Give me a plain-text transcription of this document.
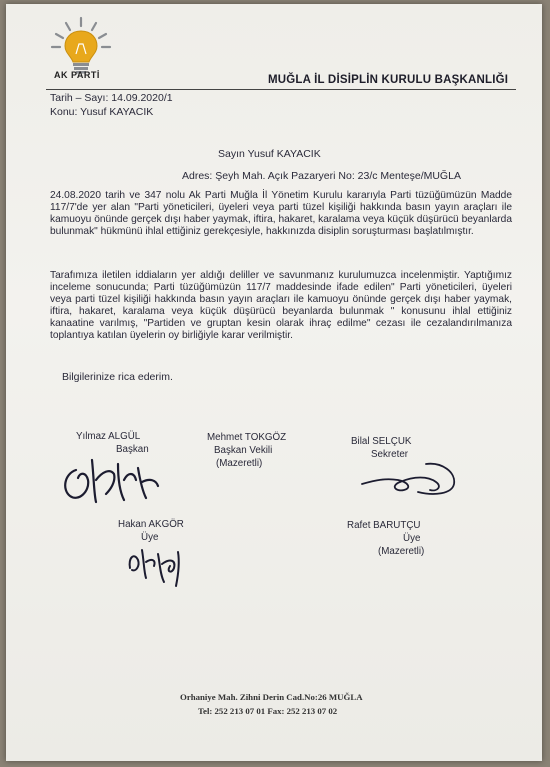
AK PARTİ	MUĞLA İL DİSİPLİN KURULU BAŞKANLIĞI
Tarih – Sayı: 14.09.2020/1
Konu: Yusuf KAYACIK
Sayın Yusuf KAYACIK
Adres: Şeyh Mah. Açık Pazaryeri No: 23/c Menteşe/MUĞLA
24.08.2020 tarih ve 347 nolu Ak Parti Muğla İl Yönetim Kurulu kararıyla Parti tüzüğümüzün Madde 117/7'de yer alan "Parti yöneticileri, üyeleri veya parti tüzel kişiliği hakkında basın yayın araçları ile kamuoyu önünde gerçek dışı haber yaymak, iftira, hakaret, karalama veya küçük düşürücü beyanlarda bulunmak" hükmünü ihlal ettiğiniz gerekçesiyle, hakkınızda disiplin soruşturması başlatılmıştır.
Tarafımıza iletilen iddiaların yer aldığı deliller ve savunmanız kurulumuzca incelenmiştir. Yaptığımız inceleme sonucunda; Parti tüzüğümüzün 117/7 maddesinde ifade edilen" Parti yöneticileri, üyeleri veya parti tüzel kişiliği hakkında basın yayın araçları ile kamuoyu önünde gerçek dışı haber yaymak, iftira, hakaret, karalama veya küçük düşürücü beyanlarda bulunmak " konusunu ihlal ettiğiniz kanaatine varılmış, "Partiden ve gruptan kesin olarak ihraç edilme" cezası ile cezalandırılmanıza toplantıya katılan üyelerin oy birliğiyle karar verilmiştir.
Bilgilerinize rica ederim.
Yılmaz ALGÜL
Başkan
Mehmet TOKGÖZ
Başkan Vekili
(Mazeretli)
Bilal SELÇUK
Sekreter
Hakan AKGÖR
Üye
Rafet BARUTÇU
Üye
(Mazeretli)
Orhaniye Mah. Zihni Derin Cad.No:26 MUĞLA
Tel: 252 213 07 01 Fax: 252 213 07 02
